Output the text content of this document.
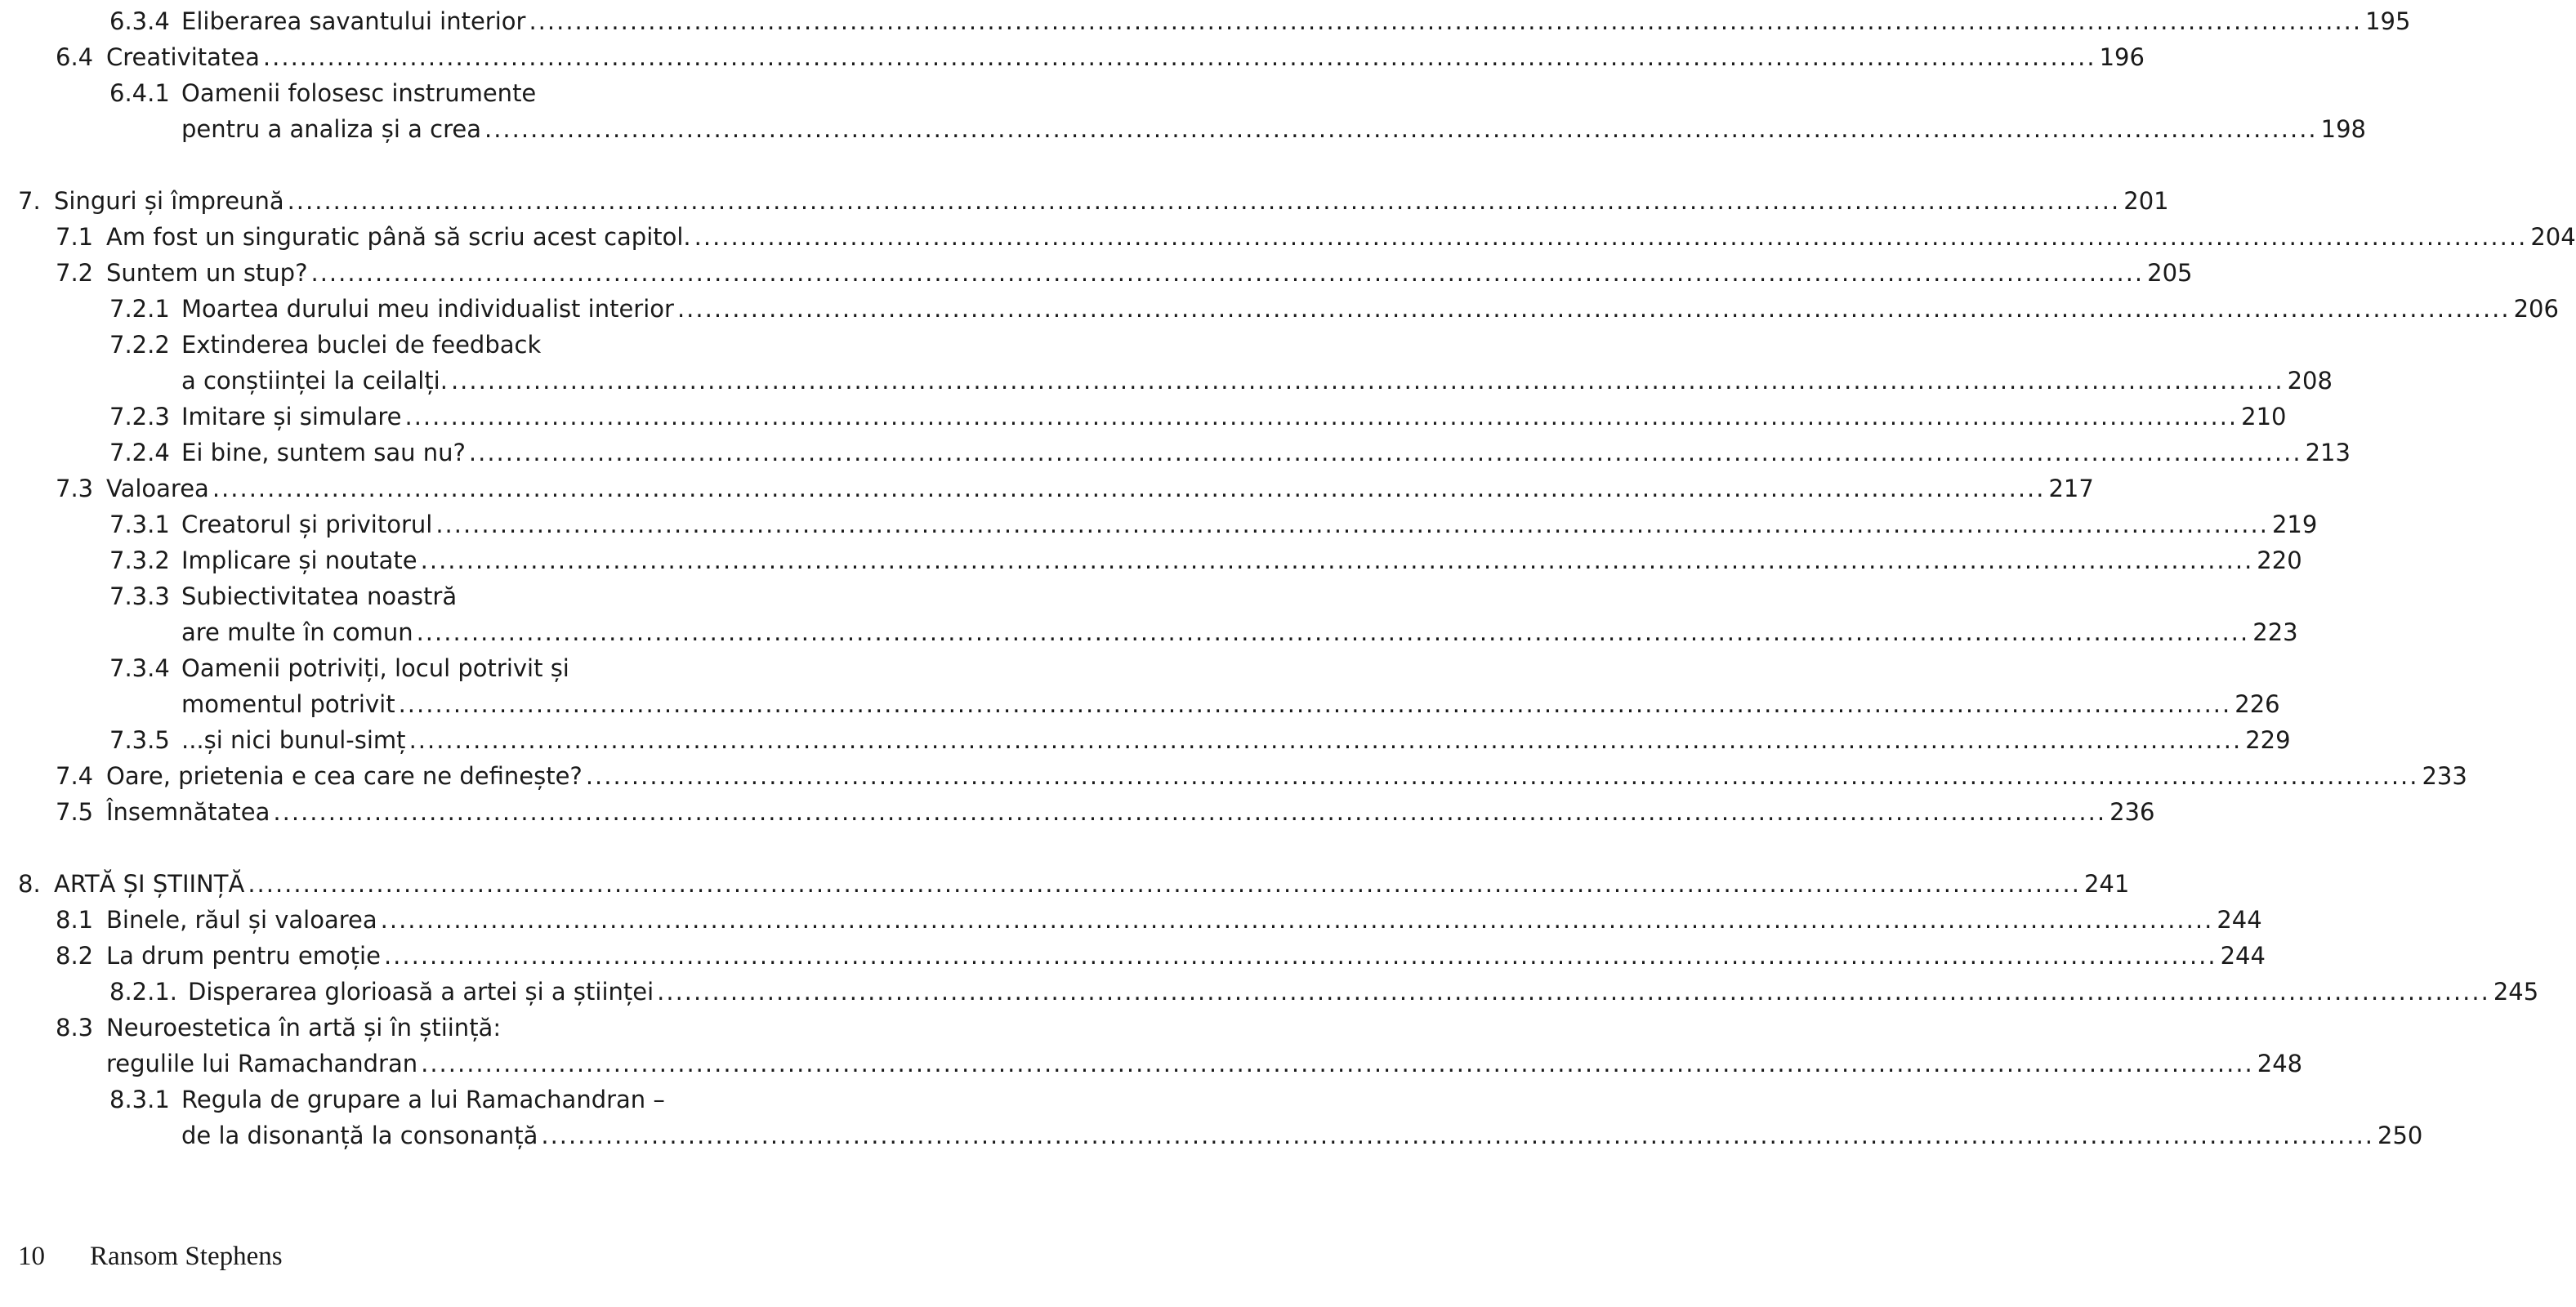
6.3.4 Eliberarea savantului interior ........................................................................................................................................................................................................ 195
6.4 Creativitatea ........................................................................................................................................................................................................ 196
6.4.1 Oamenii folosesc instrumente
pentru a analiza și a crea ........................................................................................................................................................................................................ 198
7. Singuri și împreună ........................................................................................................................................................................................................ 201
7.1 Am fost un singuratic până să scriu acest capitol. ........................................................................................................................................................................................................ 204
7.2 Suntem un stup? ........................................................................................................................................................................................................ 205
7.2.1 Moartea durului meu individualist interior ........................................................................................................................................................................................................ 206
7.2.2 Extinderea buclei de feedback
a conștiinței la ceilalți. ........................................................................................................................................................................................................ 208
7.2.3 Imitare și simulare ........................................................................................................................................................................................................ 210
7.2.4 Ei bine, suntem sau nu? ........................................................................................................................................................................................................ 213
7.3 Valoarea ........................................................................................................................................................................................................ 217
7.3.1 Creatorul și privitorul ........................................................................................................................................................................................................ 219
7.3.2 Implicare și noutate ........................................................................................................................................................................................................ 220
7.3.3 Subiectivitatea noastră
are multe în comun ........................................................................................................................................................................................................ 223
7.3.4 Oamenii potriviți, locul potrivit și
momentul potrivit ........................................................................................................................................................................................................ 226
7.3.5 ...și nici bunul-simț ........................................................................................................................................................................................................ 229
7.4 Oare, prietenia e cea care ne definește? ........................................................................................................................................................................................................ 233
7.5 Însemnătatea ........................................................................................................................................................................................................ 236
8. ARTĂ ȘI ȘTIINȚĂ ........................................................................................................................................................................................................ 241
8.1 Binele, răul și valoarea ........................................................................................................................................................................................................ 244
8.2 La drum pentru emoție ........................................................................................................................................................................................................ 244
8.2.1. Disperarea glorioasă a artei și a științei ........................................................................................................................................................................................................ 245
8.3 Neuroestetica în artă și în știință:
regulile lui Ramachandran ........................................................................................................................................................................................................ 248
8.3.1 Regula de grupare a lui Ramachandran –
de la disonanță la consonanță ........................................................................................................................................................................................................ 250
10 Ransom Stephens
